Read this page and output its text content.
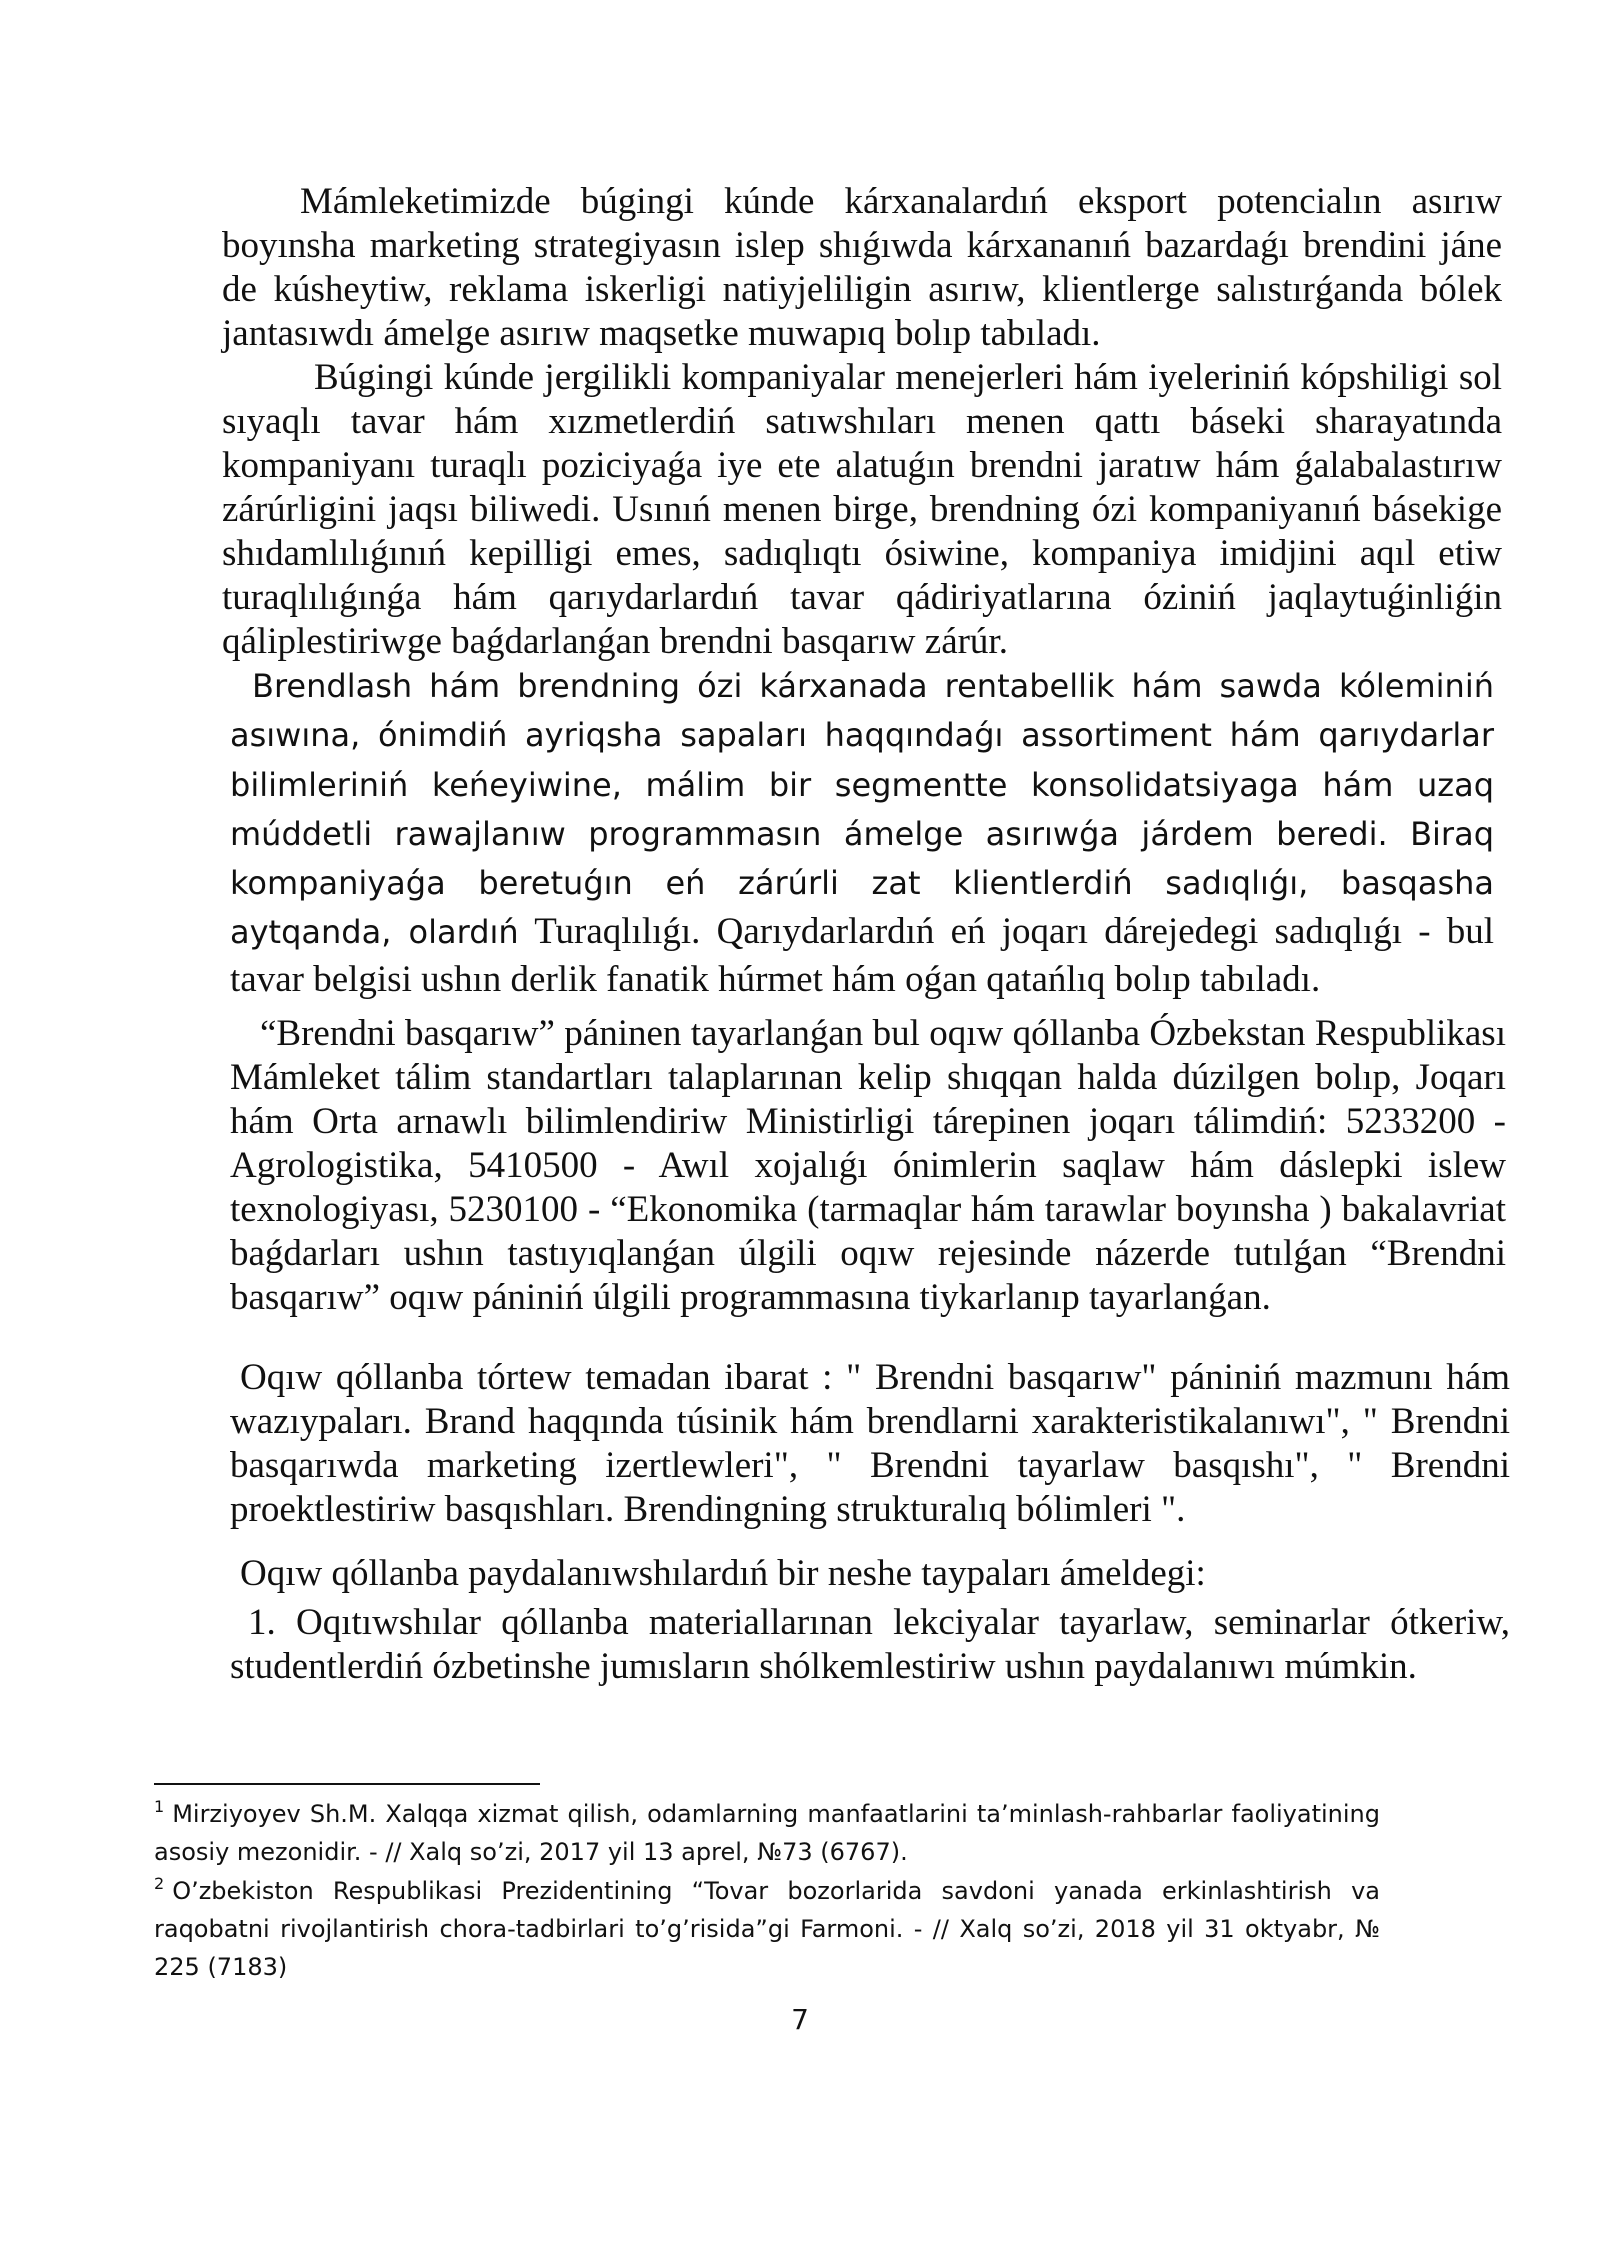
Mámleketimizde búgingi kúnde kárxanalardıń eksport potencialın asırıw boyınsha marketing strategiyasın islep shıǵıwda kárxananıń bazardaǵı brendini jáne de kúsheytiw, reklama iskerligi natiyjeliligin asırıw, klientlerge salıstırǵanda bólek jantasıwdı ámelge asırıw maqsetke muwapıq bolıp tabıladı.

Búgingi kúnde jergilikli kompaniyalar menejerleri hám iyeleriniń kópshiligi sol sıyaqlı tavar hám xızmetlerdiń satıwshıları menen qattı báseki sharayatında kompaniyanı turaqlı poziciyaǵa iye ete alatuǵın brendni jaratıw hám ǵalabalastırıw zárúrligini jaqsı biliwedi. Usınıń menen birge, brendning ózi kompaniyanıń básekige shıdamlılıǵınıń kepilligi emes, sadıqlıqtı ósiwine, kompaniya imidjini aqıl etiw turaqlılıǵınǵa hám qarıydarlardıń tavar qádiriyatlarına óziniń jaqlaytuǵinliǵin qáliplestiriwge baǵdarlanǵan brendni basqarıw zárúr.

Brendlash hám brendning ózi kárxanada rentabellik hám sawda kóleminiń asıwına, ónimdiń ayriqsha sapaları haqqındaǵı assortiment hám qarıydarlar bilimleriniń keńeyiwine, málim bir segmentte konsolidatsiyaga hám uzaq múddetli rawajlanıw programmasın ámelge asırıwǵa járdem beredi. Biraq kompaniyaǵa beretuǵın eń zárúrli zat klientlerdiń sadıqlıǵı, basqasha aytqanda, olardıń Turaqlılıǵı. Qarıydarlardıń eń joqarı dárejedegi sadıqlıǵı - bul tavar belgisi ushın derlik fanatik húrmet hám oǵan qatańlıq bolıp tabıladı.

“Brendni basqarıw” páninen tayarlanǵan bul oqıw qóllanba Ózbekstan Respublikası Mámleket tálim standartları talaplarınan kelip shıqqan halda dúzilgen bolıp, Joqarı hám Orta arnawlı bilimlendiriw Ministirligi tárepinen joqarı tálimdiń: 5233200 - Agrologistika, 5410500 - Awıl xojalıǵı ónimlerin saqlaw hám dáslepki islew texnologiyası, 5230100 - “Ekonomika (tarmaqlar hám tarawlar boyınsha ) bakalavriat baǵdarları ushın tastıyıqlanǵan úlgili oqıw rejesinde názerde tutılǵan “Brendni basqarıw” oqıw pániniń úlgili programmasına tiykarlanıp tayarlanǵan.

Oqıw qóllanba tórtew temadan ibarat : " Brendni basqarıw" pániniń mazmunı hám wazıypaları. Brand haqqında túsinik hám brendlarni xarakteristikalanıwı", " Brendni basqarıwda marketing izertlewleri", " Brendni tayarlaw basqıshı", " Brendni proektlestiriw basqıshları. Brendingning strukturalıq bólimleri ".

Oqıw qóllanba paydalanıwshılardıń bir neshe taypaları ámeldegi:

1. Oqıtıwshılar qóllanba materiallarınan lekciyalar tayarlaw, seminarlar ótkeriw, studentlerdiń ózbetinshe jumısların shólkemlestiriw ushın paydalanıwı múmkin.

$^1$ Mirziyoyev Sh.M. Xalqqa xizmat qilish, odamlarning manfaatlarini ta’minlash-rahbarlar faoliyatining asosiy mezonidir. - // Xalq so’zi, 2017 yil 13 aprel, №73 (6767).

$^2$ O’zbekiston Respublikasi Prezidentining “Tovar bozorlarida savdoni yanada erkinlashtirish va raqobatni rivojlantirish chora-tadbirlari to’g’risida”gi Farmoni. - // Xalq so’zi, 2018 yil 31 oktyabr, № 225 (7183)

7
